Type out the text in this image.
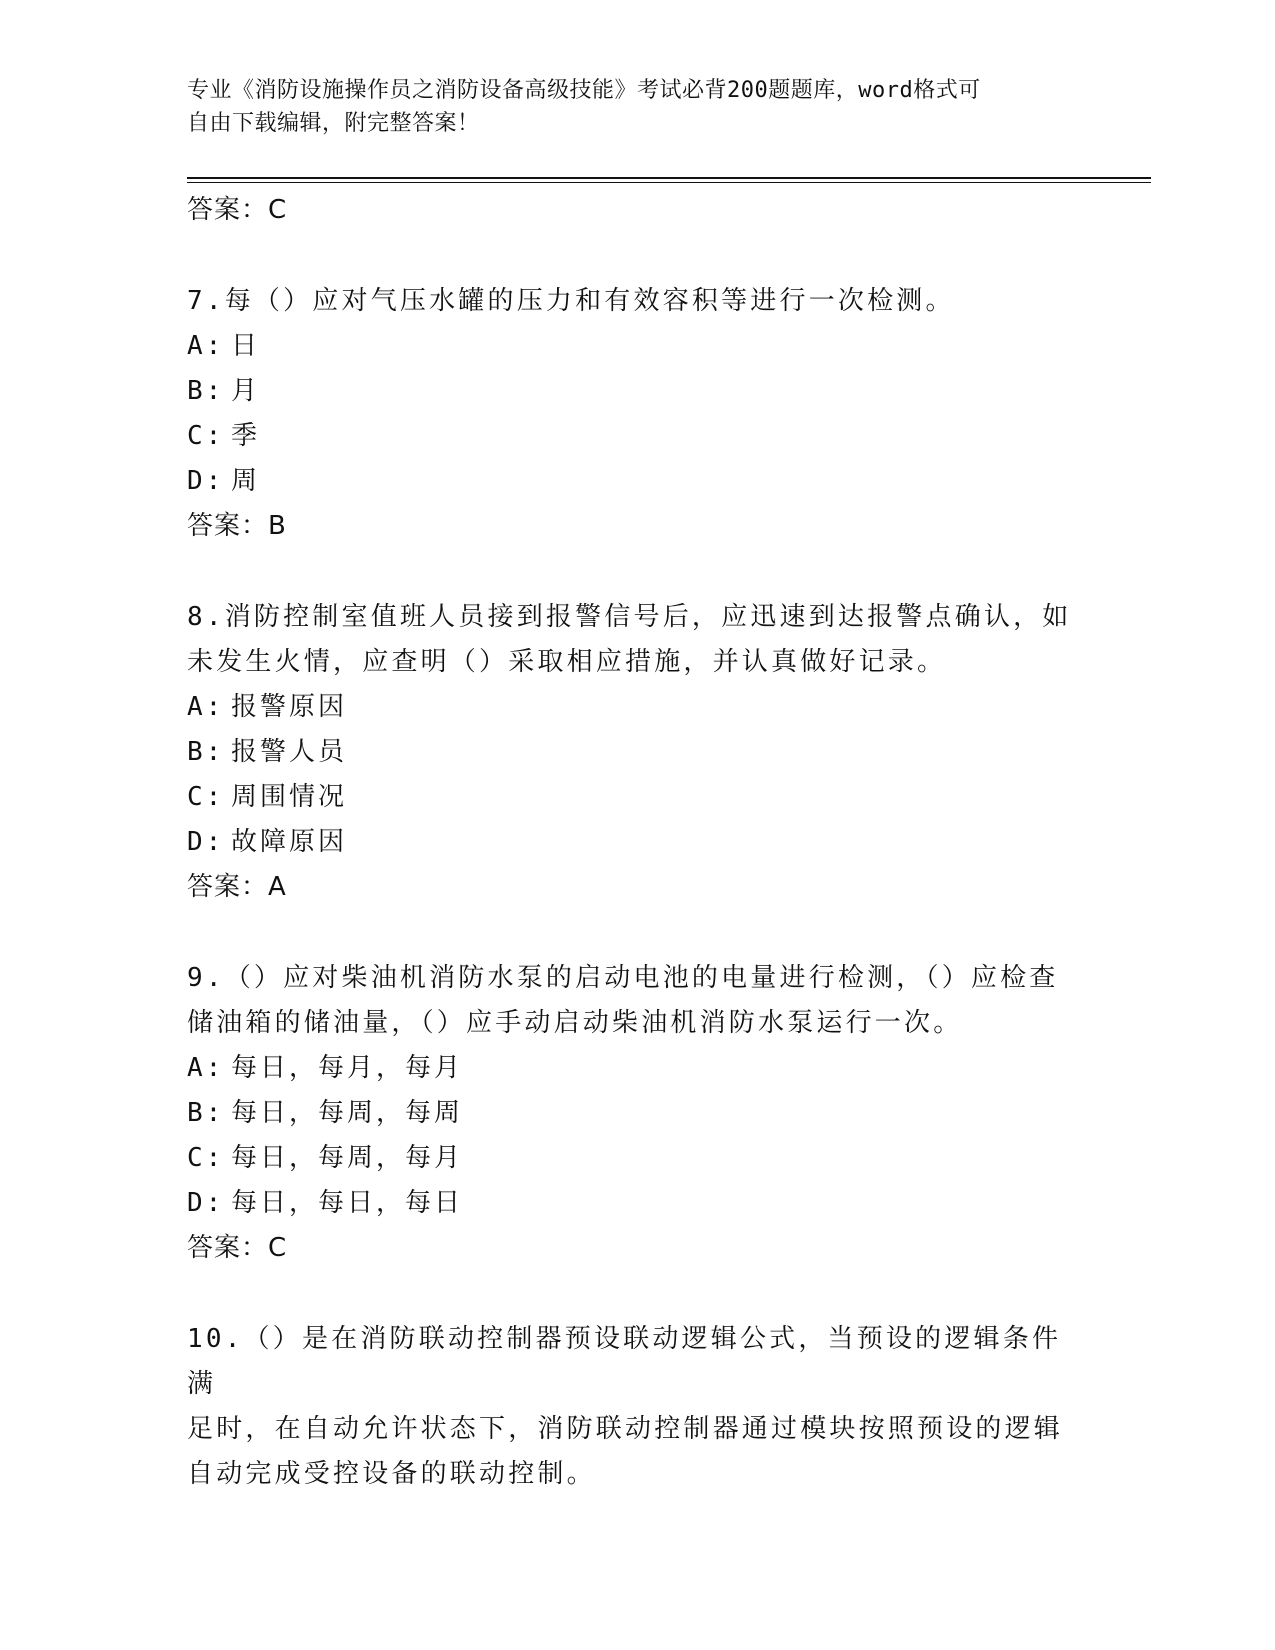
专业《消防设施操作员之消防设备高级技能》考试必背200题题库，word格式可
自由下载编辑，附完整答案！
答案：C
7.每（）应对气压水罐的压力和有效容积等进行一次检测。
A: 日
B: 月
C: 季
D: 周
答案：B
8.消防控制室值班人员接到报警信号后，应迅速到达报警点确认，如
未发生火情，应查明（）采取相应措施，并认真做好记录。
A: 报警原因
B: 报警人员
C: 周围情况
D: 故障原因
答案：A
9.（）应对柴油机消防水泵的启动电池的电量进行检测，（）应检查
储油箱的储油量，（）应手动启动柴油机消防水泵运行一次。
A: 每日，每月，每月
B: 每日，每周，每周
C: 每日，每周，每月
D: 每日，每日，每日
答案：C
10.（）是在消防联动控制器预设联动逻辑公式，当预设的逻辑条件满
足时，在自动允许状态下，消防联动控制器通过模块按照预设的逻辑
自动完成受控设备的联动控制。
